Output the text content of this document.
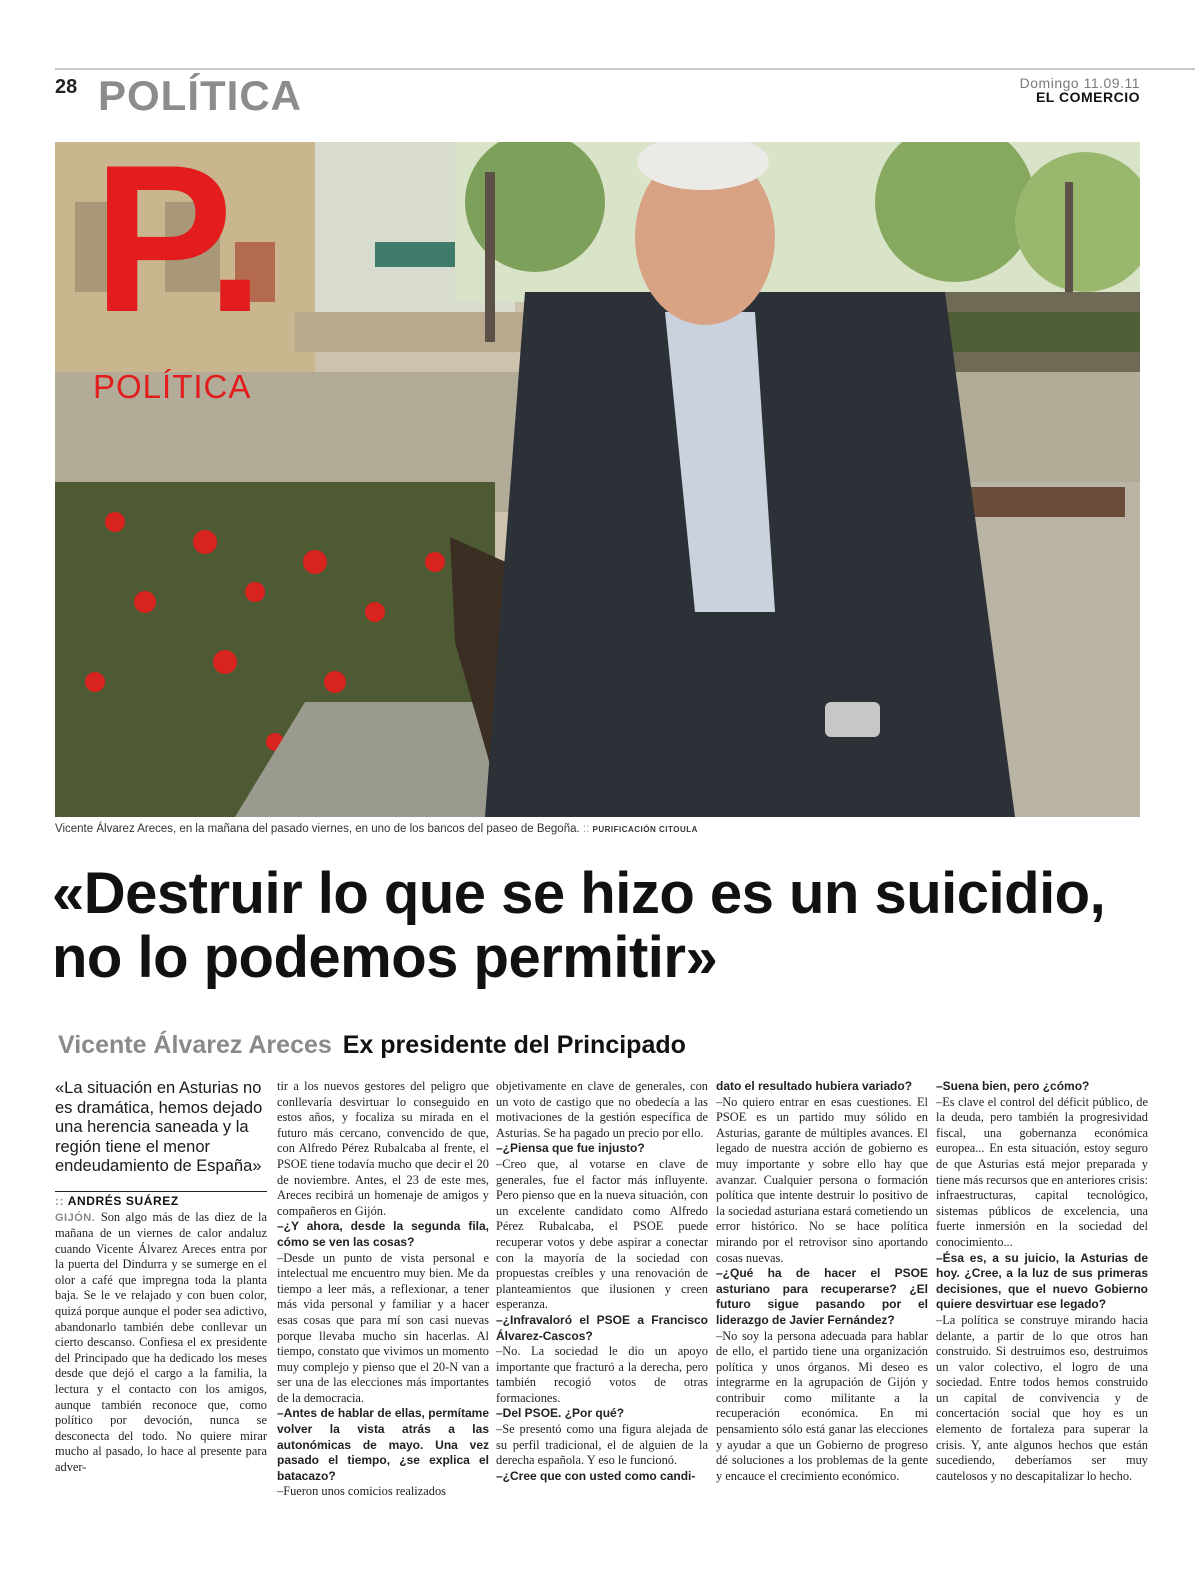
28 POLÍTICA	Domingo 11.09.11
EL COMERCIO
P.
POLÍTICA
Vicente Álvarez Areces, en la mañana del pasado viernes, en uno de los bancos del paseo de Begoña. :: PURIFICACIÓN CITOULA
«Destruir lo que se hizo es un suicidio, no lo podemos permitir»
Vicente Álvarez Areces Ex presidente del Principado
«La situación en Asturias no es dramática, hemos dejado una herencia saneada y la región tiene el menor endeudamiento de España»
:: ANDRÉS SUÁREZ
GIJÓN. Son algo más de las diez de la mañana de un viernes de calor andaluz cuando Vicente Álvarez Areces entra por la puerta del Dindurra y se sumerge en el olor a café que impregna toda la planta baja. Se le ve relajado y con buen color, quizá porque aunque el poder sea adictivo, abandonarlo también debe conllevar un cierto descanso. Confiesa el ex presidente del Principado que ha dedicado los meses desde que dejó el cargo a la familia, la lectura y el contacto con los amigos, aunque también reconoce que, como político por devoción, nunca se desconecta del todo. No quiere mirar mucho al pasado, lo hace al presente para adver-

tir a los nuevos gestores del peligro que conllevaría desvirtuar lo conseguido en estos años, y focaliza su mirada en el futuro más cercano, convencido de que, con Alfredo Pérez Rubalcaba al frente, el PSOE tiene todavía mucho que decir el 20 de noviembre. Antes, el 23 de este mes, Areces recibirá un homenaje de amigos y compañeros en Gijón.

–¿Y ahora, desde la segunda fila, cómo se ven las cosas?

–Desde un punto de vista personal e intelectual me encuentro muy bien. Me da tiempo a leer más, a reflexionar, a tener más vida personal y familiar y a hacer esas cosas que para mí son casi nuevas porque llevaba mucho sin hacerlas. Al tiempo, constato que vivimos un momento muy complejo y pienso que el 20-N van a ser una de las elecciones más importantes de la democracia.

–Antes de hablar de ellas, permítame volver la vista atrás a las autonómicas de mayo. Una vez pasado el tiempo, ¿se explica el batacazo?

–Fueron unos comicios realizados

objetivamente en clave de generales, con un voto de castigo que no obedecía a las motivaciones de la gestión específica de Asturias. Se ha pagado un precio por ello.

–¿Piensa que fue injusto?

–Creo que, al votarse en clave de generales, fue el factor más influyente. Pero pienso que en la nueva situación, con un excelente candidato como Alfredo Pérez Rubalcaba, el PSOE puede recuperar votos y debe aspirar a conectar con la mayoría de la sociedad con propuestas creíbles y una renovación de planteamientos que ilusionen y creen esperanza.

–¿Infravaloró el PSOE a Francisco Álvarez-Cascos?

–No. La sociedad le dio un apoyo importante que fracturó a la derecha, pero también recogió votos de otras formaciones.

–Del PSOE. ¿Por qué?

–Se presentó como una figura alejada de su perfil tradicional, el de alguien de la derecha española. Y eso le funcionó.

–¿Cree que con usted como candi-

dato el resultado hubiera variado?

–No quiero entrar en esas cuestiones. El PSOE es un partido muy sólido en Asturias, garante de múltiples avances. El legado de nuestra acción de gobierno es muy importante y sobre ello hay que avanzar. Cualquier persona o formación política que intente destruir lo positivo de la sociedad asturiana estará cometiendo un error histórico. No se hace política mirando por el retrovisor sino aportando cosas nuevas.

–¿Qué ha de hacer el PSOE asturiano para recuperarse? ¿El futuro sigue pasando por el liderazgo de Javier Fernández?

–No soy la persona adecuada para hablar de ello, el partido tiene una organización política y unos órganos. Mi deseo es integrarme en la agrupación de Gijón y contribuir como militante a la recuperación económica. En mi pensamiento sólo está ganar las elecciones y ayudar a que un Gobierno de progreso dé soluciones a los problemas de la gente y encauce el crecimiento económico.

–Suena bien, pero ¿cómo?

–Es clave el control del déficit público, de la deuda, pero también la progresividad fiscal, una gobernanza económica europea... En esta situación, estoy seguro de que Asturias está mejor preparada y tiene más recursos que en anteriores crisis: infraestructuras, capital tecnológico, sistemas públicos de excelencia, una fuerte inmersión en la sociedad del conocimiento...

–Ésa es, a su juicio, la Asturias de hoy. ¿Cree, a la luz de sus primeras decisiones, que el nuevo Gobierno quiere desvirtuar ese legado?

–La política se construye mirando hacia delante, a partir de lo que otros han construido. Si destruimos eso, destruimos un valor colectivo, el logro de una sociedad. Entre todos hemos construido un capital de convivencia y de concertación social que hoy es un elemento de fortaleza para superar la crisis. Y, ante algunos hechos que están sucediendo, deberíamos ser muy cautelosos y no descapitalizar lo hecho.
